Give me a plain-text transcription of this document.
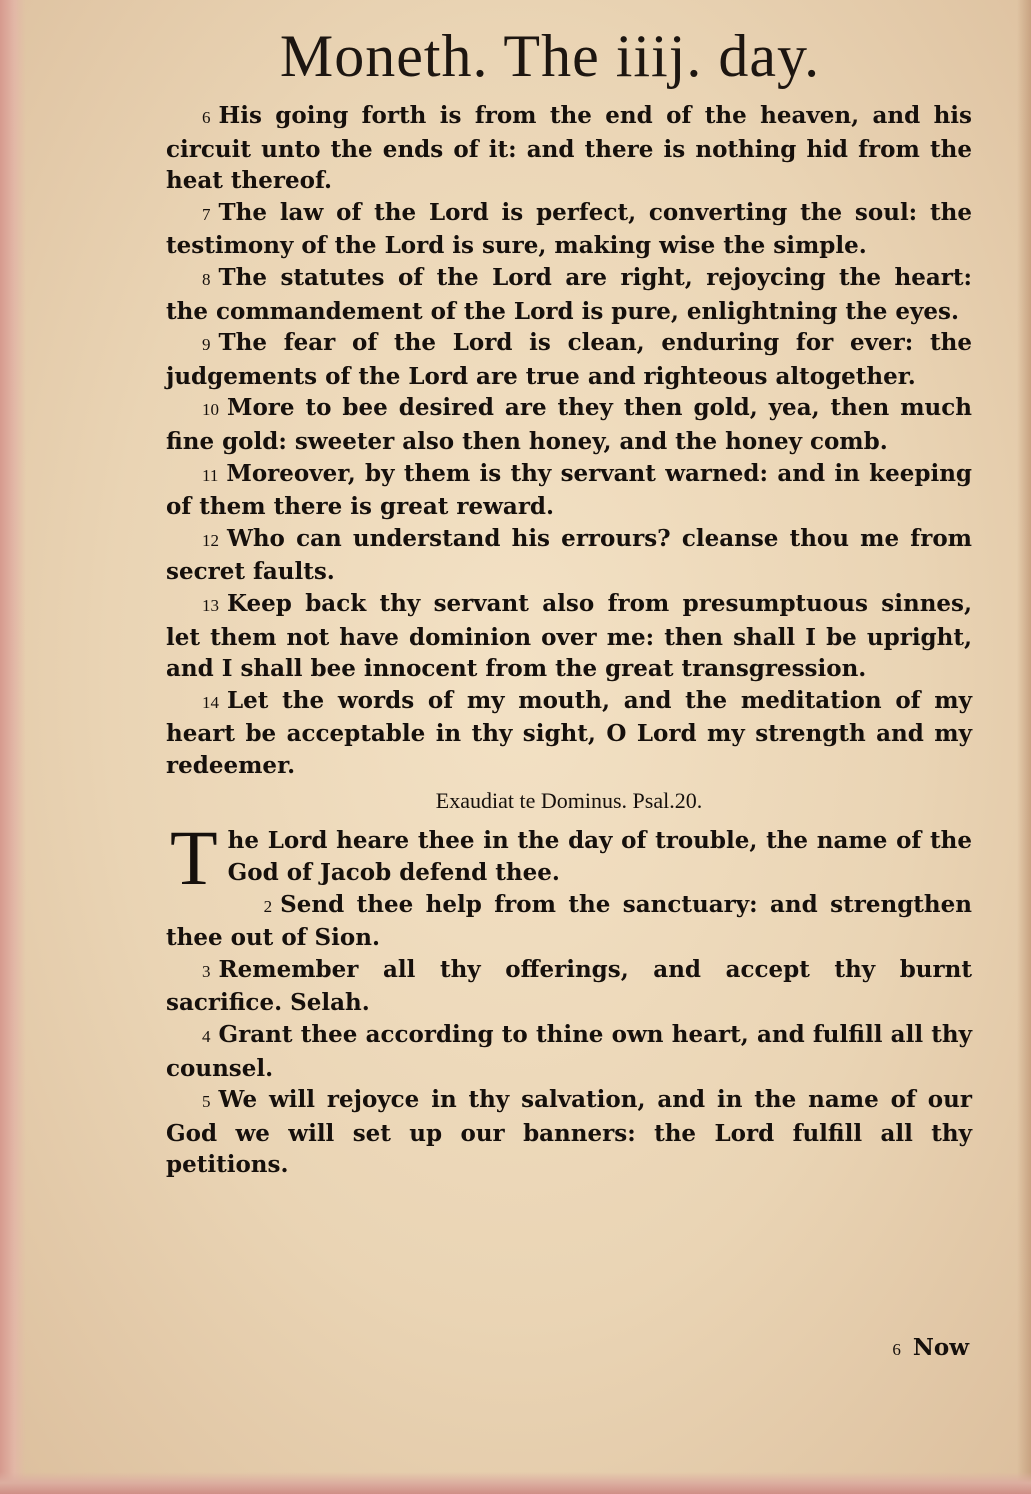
Moneth. The iiij. day.

6 His going forth is from the end of the heaven, and his circuit unto the ends of it: and there is nothing hid from the heat thereof.

7 The law of the Lord is perfect, converting the soul: the testimony of the Lord is sure, making wise the simple.

8 The statutes of the Lord are right, rejoycing the heart: the commandement of the Lord is pure, enlightning the eyes.

9 The fear of the Lord is clean, enduring for ever: the judgements of the Lord are true and righteous altogether.

10 More to bee desired are they then gold, yea, then much fine gold: sweeter also then honey, and the honey comb.

11 Moreover, by them is thy servant warned: and in keeping of them there is great reward.

12 Who can understand his errours? cleanse thou me from secret faults.

13 Keep back thy servant also from presumptuous sinnes, let them not have dominion over me: then shall I be upright, and I shall bee innocent from the great transgression.

14 Let the words of my mouth, and the meditation of my heart be acceptable in thy sight, O Lord my strength and my redeemer.

Exaudiat te Dominus. Psal.20.

The Lord heare thee in the day of trouble, the name of the God of Jacob defend thee.

2 Send thee help from the sanctuary: and strengthen thee out of Sion.

3 Remember all thy offerings, and accept thy burnt sacrifice. Selah.

4 Grant thee according to thine own heart, and fulfill all thy counsel.

5 We will rejoyce in thy salvation, and in the name of our God we will set up our banners: the Lord fulfill all thy petitions.

6 Now
